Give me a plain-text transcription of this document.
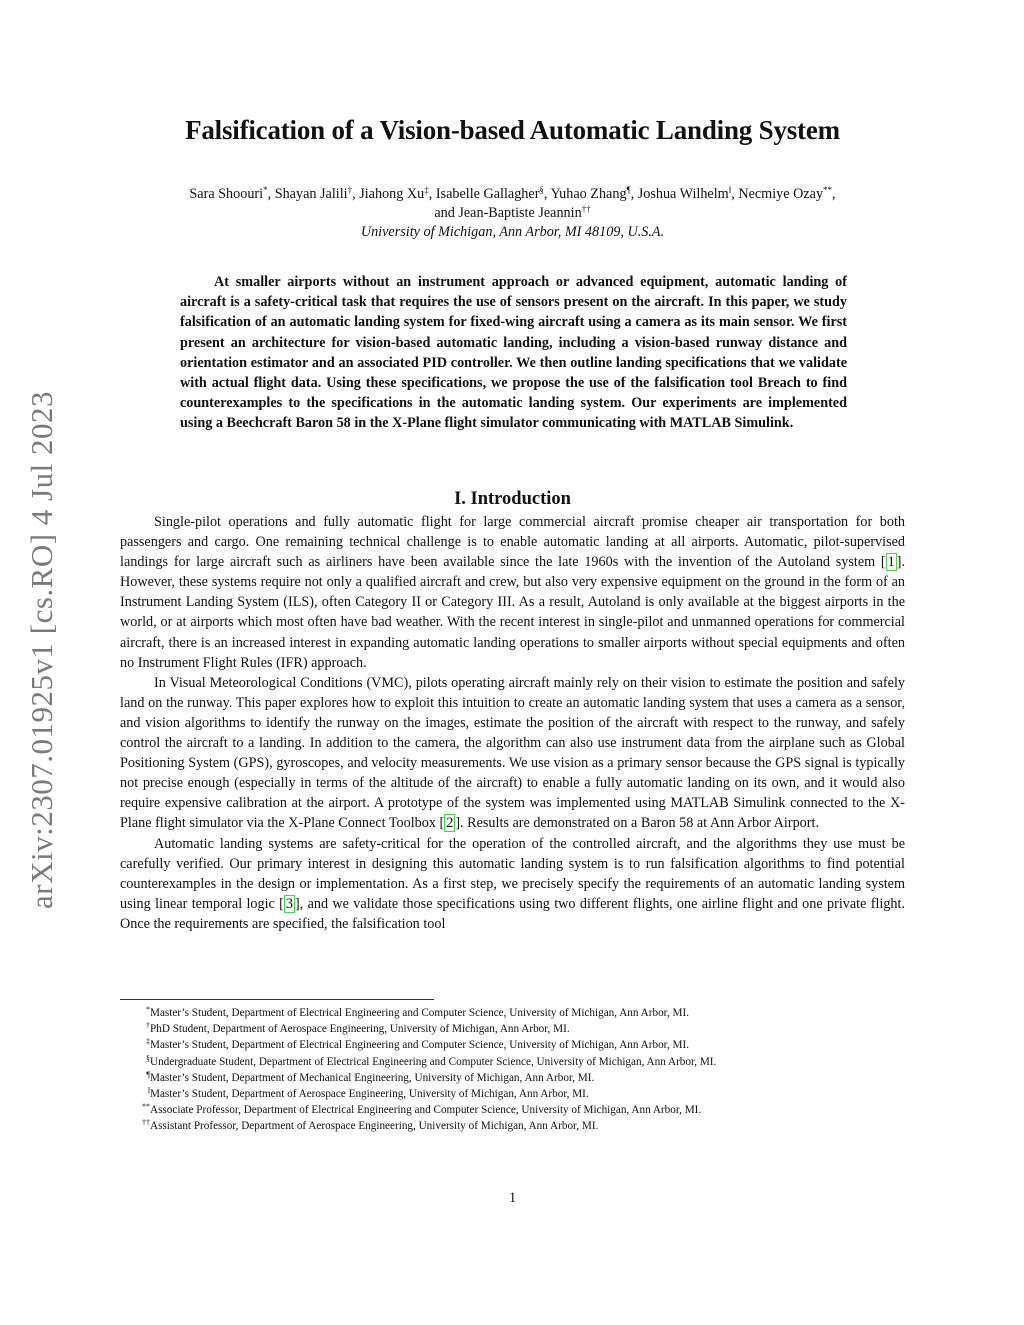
arXiv:2307.01925v1 [cs.RO] 4 Jul 2023
Falsification of a Vision-based Automatic Landing System
Sara Shoouri*, Shayan Jalili†, Jiahong Xu‡, Isabelle Gallagher§, Yuhao Zhang¶, Joshua Wilhelm‖, Necmiye Ozay**,
and Jean-Baptiste Jeannin††
University of Michigan, Ann Arbor, MI 48109, U.S.A.

At smaller airports without an instrument approach or advanced equipment, automatic landing of aircraft is a safety-critical task that requires the use of sensors present on the aircraft. In this paper, we study falsification of an automatic landing system for fixed-wing aircraft using a camera as its main sensor. We first present an architecture for vision-based automatic landing, including a vision-based runway distance and orientation estimator and an associated PID controller. We then outline landing specifications that we validate with actual flight data. Using these specifications, we propose the use of the falsification tool Breach to find counterexamples to the specifications in the automatic landing system. Our experiments are implemented using a Beechcraft Baron 58 in the X-Plane flight simulator communicating with MATLAB Simulink.

I. Introduction

Single-pilot operations and fully automatic flight for large commercial aircraft promise cheaper air transportation for both passengers and cargo. One remaining technical challenge is to enable automatic landing at all airports. Automatic, pilot-supervised landings for large aircraft such as airliners have been available since the late 1960s with the invention of the Autoland system [ 1 ]. However, these systems require not only a qualified aircraft and crew, but also very expensive equipment on the ground in the form of an Instrument Landing System (ILS), often Category II or Category III. As a result, Autoland is only available at the biggest airports in the world, or at airports which most often have bad weather. With the recent interest in single-pilot and unmanned operations for commercial aircraft, there is an increased interest in expanding automatic landing operations to smaller airports without special equipments and often no Instrument Flight Rules (IFR) approach.

In Visual Meteorological Conditions (VMC), pilots operating aircraft mainly rely on their vision to estimate the position and safely land on the runway. This paper explores how to exploit this intuition to create an automatic landing system that uses a camera as a sensor, and vision algorithms to identify the runway on the images, estimate the position of the aircraft with respect to the runway, and safely control the aircraft to a landing. In addition to the camera, the algorithm can also use instrument data from the airplane such as Global Positioning System (GPS), gyroscopes, and velocity measurements. We use vision as a primary sensor because the GPS signal is typically not precise enough (especially in terms of the altitude of the aircraft) to enable a fully automatic landing on its own, and it would also require expensive calibration at the airport. A prototype of the system was implemented using MATLAB Simulink connected to the X-Plane flight simulator via the X-Plane Connect Toolbox [ 2 ]. Results are demonstrated on a Baron 58 at Ann Arbor Airport.

Automatic landing systems are safety-critical for the operation of the controlled aircraft, and the algorithms they use must be carefully verified. Our primary interest in designing this automatic landing system is to run falsification algorithms to find potential counterexamples in the design or implementation. As a first step, we precisely specify the requirements of an automatic landing system using linear temporal logic [ 3 ], and we validate those specifications using two different flights, one airline flight and one private flight. Once the requirements are specified, the falsification tool

* Master’s Student, Department of Electrical Engineering and Computer Science, University of Michigan, Ann Arbor, MI.

† PhD Student, Department of Aerospace Engineering, University of Michigan, Ann Arbor, MI.

‡ Master’s Student, Department of Electrical Engineering and Computer Science, University of Michigan, Ann Arbor, MI.

§ Undergraduate Student, Department of Electrical Engineering and Computer Science, University of Michigan, Ann Arbor, MI.

¶ Master’s Student, Department of Mechanical Engineering, University of Michigan, Ann Arbor, MI.

‖ Master’s Student, Department of Aerospace Engineering, University of Michigan, Ann Arbor, MI.

** Associate Professor, Department of Electrical Engineering and Computer Science, University of Michigan, Ann Arbor, MI.

†† Assistant Professor, Department of Aerospace Engineering, University of Michigan, Ann Arbor, MI.

1
